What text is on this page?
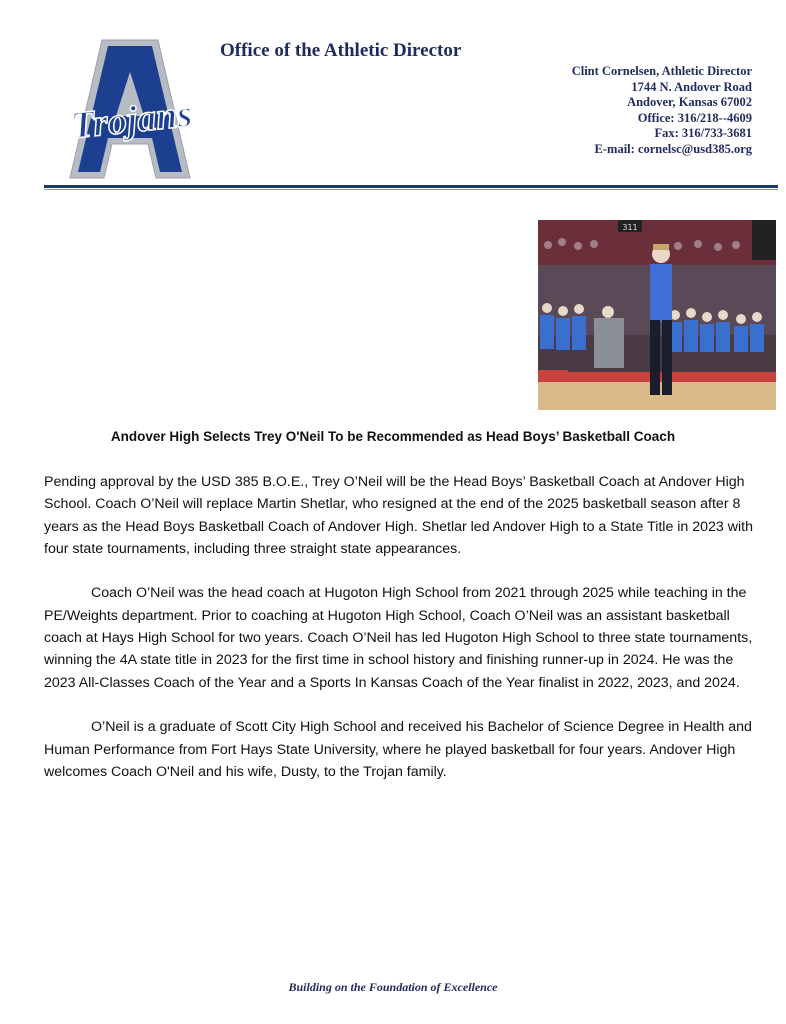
Trojans
Office of the Athletic Director
Clint Cornelsen, Athletic Director
1744 N. Andover Road
Andover, Kansas 67002
Office: 316/218--4609
Fax: 316/733-3681
E-mail: cornelsc@usd385.org
311
Andover High Selects Trey O'Neil To be Recommended as Head Boys’ Basketball Coach

Pending approval by the USD 385 B.O.E., Trey O’Neil will be the Head Boys’ Basketball Coach at Andover High School. Coach O’Neil will replace Martin Shetlar, who resigned at the end of the 2025 basketball season after 8 years as the Head Boys Basketball Coach of Andover High. Shetlar led Andover High to a State Title in 2023 with four state tournaments, including three straight state appearances.

Coach O’Neil was the head coach at Hugoton High School from 2021 through 2025 while teaching in the PE/Weights department. Prior to coaching at Hugoton High School, Coach O’Neil was an assistant basketball coach at Hays High School for two years. Coach O’Neil has led Hugoton High School to three state tournaments, winning the 4A state title in 2023 for the first time in school history and finishing runner-up in 2024. He was the 2023 All-Classes Coach of the Year and a Sports In Kansas Coach of the Year finalist in 2022, 2023, and 2024.

O’Neil is a graduate of Scott City High School and received his Bachelor of Science Degree in Health and Human Performance from Fort Hays State University, where he played basketball for four years. Andover High welcomes Coach O'Neil and his wife, Dusty, to the Trojan family.

Building on the Foundation of Excellence
